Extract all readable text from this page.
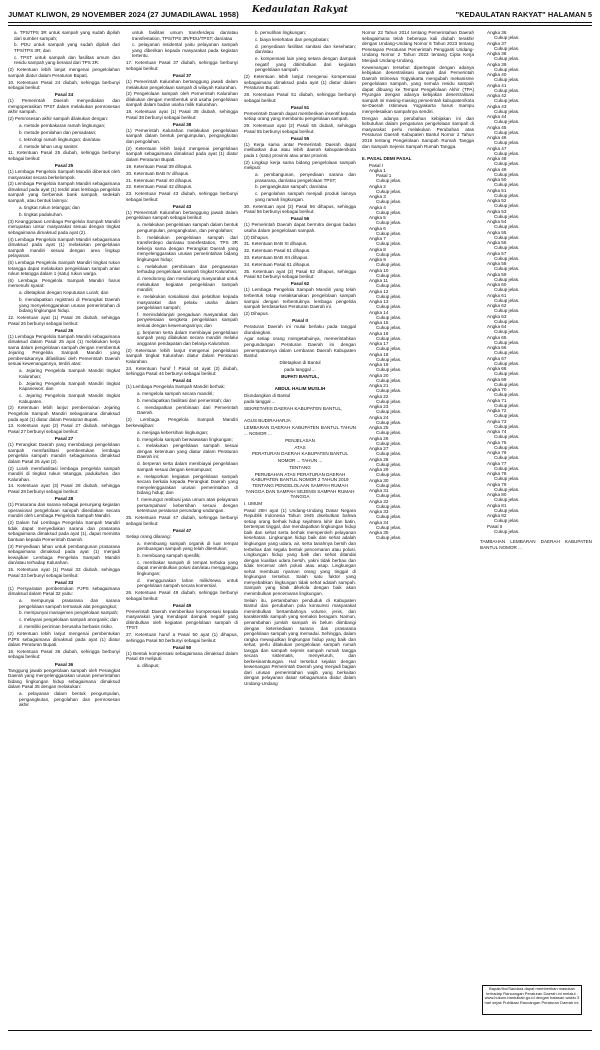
JUMAT KLIWON, 29 NOVEMBER 2024 (27 JUMADILAWAL 1958)	Kedaulatan Rakyat	"KEDAULATAN RAKYAT" HALAMAN 5

a. TPS/TPS 3R untuk sampah yang sudah dipilah dari sumber sampah;

b. PDU untuk sampah yang sudah dipilah dari TPS/TPS 3R; dan

c. TPST untuk sampah dan fasilitas umum dan residu sampah yang berasal dari TPS 3R.

(2) Ketentuan lebih lanjut mengenai pengelolahan sampah diatur dalam Peraturan Bupati.

10. Ketentuan Pasal 24 diubah, sehingga berbunyi sebagai berikut:

Pasal 24

(1) Pemerintah Daerah menyediakan dan mengoperasikan TPST dalam melakukan pemrosesan akhir sampah.

(2) Pemrosesan akhir sampah dilakukan dengan:

a. metode pembakaran ramah lingkungan;

b. metode pemilahan dan pemadatan;

c. teknologi ramah lingkungan; dan/atau

d. metode lahan urug saniter.

11. Ketentuan Pasal 25 diubah, sehingga berbunyi sebagai berikut:

Pasal 25

(1) Lembaga Pengelola Sampah Mandiri dibentuk oleh masyarakat secara berkelompok.

(2) Lembaga Pengelola Sampah Mandiri sebagaimana dimaksud pada ayat (1) terdiri atas lembaga pengelola sampah yang berbentuk bank sampah, sedekah sampah, atau bentuk lainnya:

a. tingkat rukun tetangga; dan

b. tingkat padukuhan.

(3) Keanggotaan Lembaga Pengelola Sampah Mandiri merupakan unsur masyarakat sesuai dengan tingkat sebagaimana dimaksud pada ayat (2).

(4) Lembaga Pengelola Sampah Mandiri sebagaimana dimaksud pada ayat (1) melakukan pengelolaan sampah mandiri sesuai dengan area lingkup pelayanan.

(5) Lembaga Pengelola Sampah Mandiri tingkat rukun tetangga dapat melakukan pengelolaan sampah antar rukun tetangga dalam 1 (satu) rukun warga.

(6) Lembaga Pengelola Sampah Mandiri harus memenuhi syarat:

a. ditetapkan dengan Keputusan Lurah; dan

b. mendapatkan registrasi di Perangkat Daerah yang menyelenggarakan urusan pemerintahan di bidang lingkungan hidup.

12. Ketentuan ayat (1) Pasal 26 diubah, sehingga Pasal 26 berbunyi sebagai berikut:

Pasal 26

(1) Lembaga Pengelola Sampah Mandiri sebagaimana dimaksud dalam Pasal 25 ayat (1) melakukan kerja sama dalam pengelolaan sampah dengan membentuk Jejaring Pengelola Sampah Mandiri yang pembentukannya difasilitasi oleh Pemerintah Daerah sesuai kewenangannya, terdiri atas:

a. Jejaring Pengelola Sampah Mandiri tingkat Kalurahan;

b. Jejaring Pengelola Sampah Mandiri tingkat Kapanewon; dan

c. Jejaring Pengelola Sampah Mandiri tingkat Kabupaten.

(2) Ketentuan lebih lanjut pembentukan Jejaring Pengelola Sampah Mandiri sebagaimana dimaksud pada ayat (1) diatur dalam Peraturan Bupati.

13. Ketentuan ayat (2) Pasal 27 diubah, sehingga Pasal 27 berbunyi sebagai berikut:

Pasal 27

(1) Perangkat Daerah yang membidangi pengelolaan sampah memfasilitasi pembentukan lembaga pengelola sampah mandiri sebagaimana dimaksud dalam Pasal 25 ayat (2).

(2) Lurah memfasilitasi lembaga pengelola sampah mandiri di tingkat rukun tetangga, padukuhan, dan Kalurahan.

14. Ketentuan ayat (3) Pasal 28 diubah, sehingga Pasal 28 berbunyi sebagai berikut:

Pasal 28

(1) Prasarana dan sarana sebagai penunjang kegiatan operasional pengelolaan sampah disediakan secara mandiri oleh Lembaga Pengelola Sampah Mandiri.

(2) Dalam hal Lembaga Pengelola Sampah Mandiri tidak dapat menyediakan sarana dan prasarana sebagaimana dimaksud pada ayat (1), dapat meminta bantuan kepada Pemerintah Daerah.

(3) Penyediaan lahan untuk pembangunan prasarana sebagaimana dimaksud pada ayat (1) menjadi kewajiban Lembaga Pengelola Sampah Mandiri dan/atau terhadap Kalurahan.

15. Ketentuan ayat (1) Pasal 33 diubah, sehingga Pasal 33 berbunyi sebagai berikut:

Pasal 33

(1) Persyaratan pembentukan PJPS sebagaimana dimaksud dalam Pasal 32 yaitu:

a. mempunyai prasarana dan sarana pengelolaan sampah termasuk alat pengangkut;

b. mempunyai manajemen pengelolaan sampah;

c. melayani pengelolaan sampah anorganik; dan

d. memiliki perizinan berusaha berbasis risiko.

(2) Ketentuan lebih lanjut mengenai pembentukan PJPS sebagaimana dimaksud pada ayat (1) diatur dalam Peraturan Bupati.

16. Ketentuan Pasal 36 diubah, sehingga berbunyi sebagai berikut:

Pasal 36

Tanggung jawab pengelolaan sampah oleh Perangkat Daerah yang menyelenggarakan urusan pemerintahan bidang lingkungan hidup sebagaimana dimaksud dalam Pasal 35 dengan melakukan:

a. pelayanan dalam bentuk pengumpulan, pengangkutan, pengolahan dan pemrosesan akhir

untuk fasilitas umum transferdepo dan/atau transfestation, TPS/TPS 3R/PDU/TPST; dan/atau

c. pelayanan insidental yaitu pelayanan sampah yang diberikan kepada masyarakat pada kegiatan tertentu.

17. Ketentuan Pasal 37 diubah, sehingga berbunyi sebagai berikut:

Pasal 37

(1) Pemerintah Kalurahan bertanggung jawab dalam melakukan pengelolaan sampah di wilayah Kalurahan.

(2) Pengelolaan sampah oleh Pemerintah Kalurahan dilakukan dengan membentuk unit usaha pengelolaan sampah dalam badan usaha milik Kalurahan.

18. Ketentuan ayat (1) Pasal 38 diubah, sehingga Pasal 38 berbunyi sebagai berikut:

Pasal 38

(1) Pemerintah Kalurahan melakukan pengelolaan sampah dalam bentuk pengumpulan, pengangkutan dan pengolahan.

(2) Ketentuan lebih lanjut mengenai pengelolaan sampah sebagaimana dimaksud pada ayat (1) diatur dalam Peraturan Bupati.

19. Ketentuan Pasal 39 dihapus.

20. Ketentuan BAB IV dihapus.

21. Ketentuan Pasal 40 dihapus.

22. Ketentuan Pasal 42 dihapus.

23. Ketentuan Pasal 43 diubah, sehingga berbunyi sebagai berikut:

Pasal 43

(1) Pemerintah Kalurahan bertanggung jawab dalam pengelolaan sampah sebagai berikut:

a. melakukan pengelolaan sampah dalam bentuk pengumpulan, pengangkutan, dan pengolahan;

b. melakukan pengelolaan sampah dari transferdepo dan/atau transfestation, TPS 3R bekerja sama dengan Perangkat Daerah yang menyelenggarakan urusan pemerintahan bidang lingkungan hidup;

c. melakukan pembinaan dan pengawasan terhadap pengelolaan sampah tingkat Kalurahan;

d. mendorong dan mendukung masyarakat untuk melakukan kegiatan pengelolaan sampah mandiri;

e. melakukan sosialisasi dan pelatihan kepada masyarakat dan pelaku usaha dalam pengelolaan sampah;

f. menindaklanjuti pengaduan masyarakat dan penyelesaian sengketa pengelolaan sampah sesuai dengan kewenangannya; dan

g. berperan serta dalam membiayai pengelolaan sampah yang dilakukan secara mandiri melalui anggaran pendapatan dan belanja Kalurahan.

(2) Ketentuan lebih lanjut mengenai pengelolaan sampah tingkat Kalurahan diatur dalam Peraturan Kalurahan.

24. Ketentuan huruf f Pasal 44 ayat (2) diubah, sehingga Pasal 44 berbunyi sebagai berikut:

Pasal 44

(1) Lembaga Pengelola Sampah Mandiri berhak:

a. mengelola sampah secara mandiri;

b. mendapatkan fasilitasi dari pemerintah; dan

c. mendapatkan pembinaan dari Pemerintah Daerah.

(2) Lembaga Pengelola Sampah Mandiri berkewajiban:

a. menjaga kebersihan lingkungan;

b. mengelola sampah berwawasan lingkungan;

c. melakukan pengelolaan sampah sesuai dengan ketentuan yang diatur dalam Peraturan Daerah ini;

d. berperan serta dalam membiayai pengelolaan sampah sesuai dengan kemampuan;

e. melaporkan kegiatan pengelolaan sampah secara berkala kepada Perangkat Daerah yang menyelenggarakan urusan pemerintahan di bidang hidup; dan

f. memungut retribusi jasa umum atas pelayanan persampahan/ kebersihan sesuai dengan ketentuan peraturan perundang-undangan.

25. Ketentuan Pasal 47 diubah, sehingga berbunyi sebagai berikut:

Pasal 47

Setiap orang dilarang:

a. membuang sampah organik di luar tempat pembuangan sampah yang telah ditentukan;

b. membuang sampah spesifik;

c. membakar sampah di tempat terbuka yang dapat menimbulkan polusi dan/atau mengganggu lingkungan;

d. menggunakan lahan milik/sewa untuk pengelolaan sampah secara komersial.

26. Ketentuan Pasal 49 diubah, sehingga berbunyi sebagai berikut:

Pasal 49

Pemerintah Daerah memberikan kompensasi kepada masyarakat yang mendapat dampak negatif yang ditimbulkan oleh kegiatan pengelolaan sampah di TPST.

27. Ketentuan huruf a Pasal 50 ayat (1) dihapus, sehingga Pasal 50 berbunyi sebagai berikut:

Pasal 50

(1) Bentuk kompensasi sebagaimana dimaksud dalam Pasal 49 meliputi:

a. dihapus;

b. pemulihan lingkungan;

c. biaya kesehatan dan pengobatan;

d. penyediaan fasilitas sanitasi dan kesehatan; dan/atau

e. kompensasi lain yang setara dengan dampak negatif yang ditimbulkan dari kegiatan pengelolaan sampah.

(2) Ketentuan lebih lanjut mengenai kompensasi sebagaimana dimaksud pada ayat (1) diatur dalam Peraturan Bupati.

28. Ketentuan Pasal 51 diubah, sehingga berbunyi sebagai berikut:

Pasal 51

Pemerintah Daerah dapat memberikan insentif kepada setiap orang yang membantu pengelolaan sampah.

29. Ketentuan ayat (2) Pasal 55 diubah, sehingga Pasal 55 berbunyi sebagai berikut:

Pasal 55

(1) Kerja sama antar Pemerintah Daerah dapat melibatkan dua atau lebih daerah kabupaten/kota pada 1 (satu) provinsi atau antar provinsi.

(2) Lingkup kerja sama bidang pengelolaan sampah meliputi:

a. pembangunan, penyediaan sarana dan prasarana, dan/atau pengelolaan TPST;

b. pengangkutan sampah; dan/atau

c. pengolahan sampah menjadi produk lainnya yang ramah lingkungan.

30. Ketentuan ayat (2) Pasal 56 dihapus, sehingga Pasal 56 berbunyi sebagai berikut:

Pasal 56

(1) Pemerintah Daerah dapat bermitra dengan badan usaha dalam pengelolaan sampah.

(2) Dihapus.

31. Ketentuan BAB XI dihapus.

32. Ketentuan Pasal 61 dihapus.

33. Ketentuan BAB XII dihapus.

34. Ketentuan Pasal 61 dihapus.

35. Ketentuan ayat (2) Pasal 62 dihapus, sehingga Pasal 62 berbunyi sebagai berikut:

Pasal 62

(1) Lembaga Pengelola Sampah Mandiri yang telah terbentuk tetap melaksanakan pengelolaan sampah sampai dengan terbentuknya lembaga pengelola sampah berdasarkan Peraturan Daerah ini.

(2) Dihapus.

Pasal II

Peraturan Daerah ini mulai berlaku pada tanggal diundangkan.

Agar setiap orang mengetahuinya, memerintahkan pengundangan Peraturan Daerah ini dengan penempatannya dalam Lembaran Daerah Kabupaten Bantul.

Ditetapkan di Bantul

pada tanggal ...

BUPATI BANTUL,

ABDUL HALIM MUSLIH

Diundangkan di Bantul

pada tanggal ...

SEKRETARIS DAERAH KABUPATEN BANTUL,

AGUS BUDIRAHARJA

LEMBARAN DAERAH KABUPATEN BANTUL TAHUN ... NOMOR ...

PENJELASAN

ATAS

PERATURAN DAERAH KABUPATEN BANTUL

NOMOR ... TAHUN ...

TENTANG

PERUBAHAN ATAS PERATURAN DAERAH KABUPATEN BANTUL NOMOR 2 TAHUN 2019 TENTANG PENGELOLAAN SAMPAH RUMAH TANGGA DAN SAMPAH SEJENIS SAMPAH RUMAH TANGGA

I. UMUM

Pasal 28H ayat (1) Undang-Undang Dasar Negara Republik Indonesia Tahun 1945 disebutkan bahwa setiap orang berhak hidup sejahtera lahir dan batin, bertempat tinggal, dan mendapatkan lingkungan hidup baik dan sehat serta berhak memperoleh pelayanan kesehatan. Lingkungan hidup baik dan sehat adalah lingkungan yang udara, air, serta tanahnya bersih dan terbebas dari segala bentuk pencemaran atau polusi. Lingkungan hidup yang baik dan sehat ditandai dengan kualitas udara bersih, yakni tidak berbau dan tidak tercemar oleh polusi atau asap. Lingkungan sehat membuat nyaman orang yang tinggal di lingkungan tersebut. Salah satu faktor yang menyebabkan lingkungan tidak sehat adalah sampah. Sampah yang tidak dikelola dengan baik akan menimbulkan pencemaran lingkungan.

Selain itu, pertambahan penduduk di Kabupaten Bantul dan perubahan pola konsumsi masyarakat menimbulkan bertambahnya volume, jenis, dan karakteristik sampah yang semakin beragam. Namun, penambahan jumlah sampah ini belum diimbangi dengan ketersediaan sarana dan prasarana pengelolaan sampah yang memadai. Sehingga, dalam rangka mewujudkan lingkungan hidup yang baik dan sehat, perlu dilakukan pengelolaan sampah rumah tangga dan sampah sejenis sampah rumah tangga secara sistematis, menyeluruh, dan berkesinambungan. Hal tersebut sejalan dengan kewenangan Pemerintah Daerah yang menjadi bagian dari urusan pemerintahan wajib yang berkaitan dengan pelayanan dasar sebagaimana diatur dalam Undang-Undang

Nomor 23 Tahun 2014 tentang Pemerintahan Daerah sebagaimana telah beberapa kali diubah terakhir dengan Undang-Undang Nomor 6 Tahun 2023 tentang Penetapan Peraturan Pemerintah Pengganti Undang-Undang Nomor 2 Tahun 2022 tentang Cipta Kerja Menjadi Undang-Undang.

Kewenangan tersebut dipertegas dengan adanya kebijakan desentralisasi sampah dari Pemerintah Daerah Istimewa Yogyakarta mengubah mekanisme pengelolaan sampah, yang semula residu sampah dapat dibuang ke Tempat Pengelolaan Akhir (TPA) Piyungan dengan adanya kebijakan desentralisasi sampah ini masing-masing pemerintah kabupaten/kota se-Daerah Istimewa Yogyakarta harus mampu menyelesaikan sampahnya sendiri.

Dengan adanya perubahan kebijakan ini dan kebutuhan dalam pengaturan pengelolaan sampah di masyarakat perlu melakukan Perubahan atas Peraturan Daerah Kabupaten Bantul Nomor 2 Tahun 2019 tentang Pengelolaan Sampah Rumah Tangga dan Sampah Sejenis Sampah Rumah Tangga.

II. PASAL DEMI PASAL

Pasal I

Angka 1

Pasal 1

Cukup jelas.

Angka 2

Cukup jelas.

Angka 3

Cukup jelas.

Angka 4

Cukup jelas.

Angka 5

Cukup jelas.

Angka 6

Cukup jelas.

Angka 7

Cukup jelas.

Angka 8

Cukup jelas.

Angka 9

Cukup jelas.

Angka 10

Cukup jelas.

Angka 11

Cukup jelas.

Angka 12

Cukup jelas.

Angka 13

Cukup jelas.

Angka 14

Cukup jelas.

Angka 15

Cukup jelas.

Angka 16

Cukup jelas.

Angka 17

Cukup jelas.

Angka 18

Cukup jelas.

Angka 19

Cukup jelas.

Angka 20

Cukup jelas.

Angka 21

Cukup jelas.

Angka 22

Cukup jelas.

Angka 23

Cukup jelas.

Angka 24

Cukup jelas.

Angka 25

Cukup jelas.

Angka 26

Cukup jelas.

Angka 27

Cukup jelas.

Angka 28

Cukup jelas.

Angka 29

Cukup jelas.

Angka 30

Cukup jelas.

Angka 31

Cukup jelas.

Angka 32

Cukup jelas.

Angka 33

Cukup jelas.

Angka 34

Cukup jelas.

Angka 35

Cukup jelas.

Angka 36

Cukup jelas.

Angka 37

Cukup jelas.

Angka 38

Cukup jelas.

Angka 39

Cukup jelas.

Angka 40

Cukup jelas.

Angka 41

Cukup jelas.

Angka 42

Cukup jelas.

Angka 43

Cukup jelas.

Angka 44

Cukup jelas.

Angka 45

Cukup jelas.

Angka 46

Cukup jelas.

Angka 47

Cukup jelas.

Angka 48

Cukup jelas.

Angka 49

Cukup jelas.

Angka 50

Cukup jelas.

Angka 51

Cukup jelas.

Angka 52

Cukup jelas.

Angka 53

Cukup jelas.

Angka 54

Cukup jelas.

Angka 55

Cukup jelas.

Angka 56

Cukup jelas.

Angka 57

Cukup jelas.

Angka 58

Cukup jelas.

Angka 59

Cukup jelas.

Angka 60

Cukup jelas.

Angka 61

Cukup jelas.

Angka 62

Cukup jelas.

Angka 63

Cukup jelas.

Angka 64

Cukup jelas.

Angka 65

Cukup jelas.

Angka 66

Cukup jelas.

Angka 67

Cukup jelas.

Angka 68

Cukup jelas.

Angka 69

Cukup jelas.

Angka 70

Cukup jelas.

Angka 71

Cukup jelas.

Angka 72

Cukup jelas.

Angka 73

Cukup jelas.

Angka 74

Cukup jelas.

Angka 75

Cukup jelas.

Angka 76

Cukup jelas.

Angka 77

Cukup jelas.

Angka 78

Cukup jelas.

Angka 79

Cukup jelas.

Angka 80

Cukup jelas.

Angka 81

Cukup jelas.

Angka 82

Cukup jelas.

Pasal II

Cukup jelas.

TAMBAHAN LEMBARAN DAERAH KABUPATEN BANTUL NOMOR ...

Bapak/Ibu/Saudara dapat memberikan masukan terhadap Rancangan Peraturan Daerah ini melalui : www.hukum.bantulkab.go.id dengan batasan waktu 3 hari sejak Publikasi Rancangan Peraturan Daerah ini.
